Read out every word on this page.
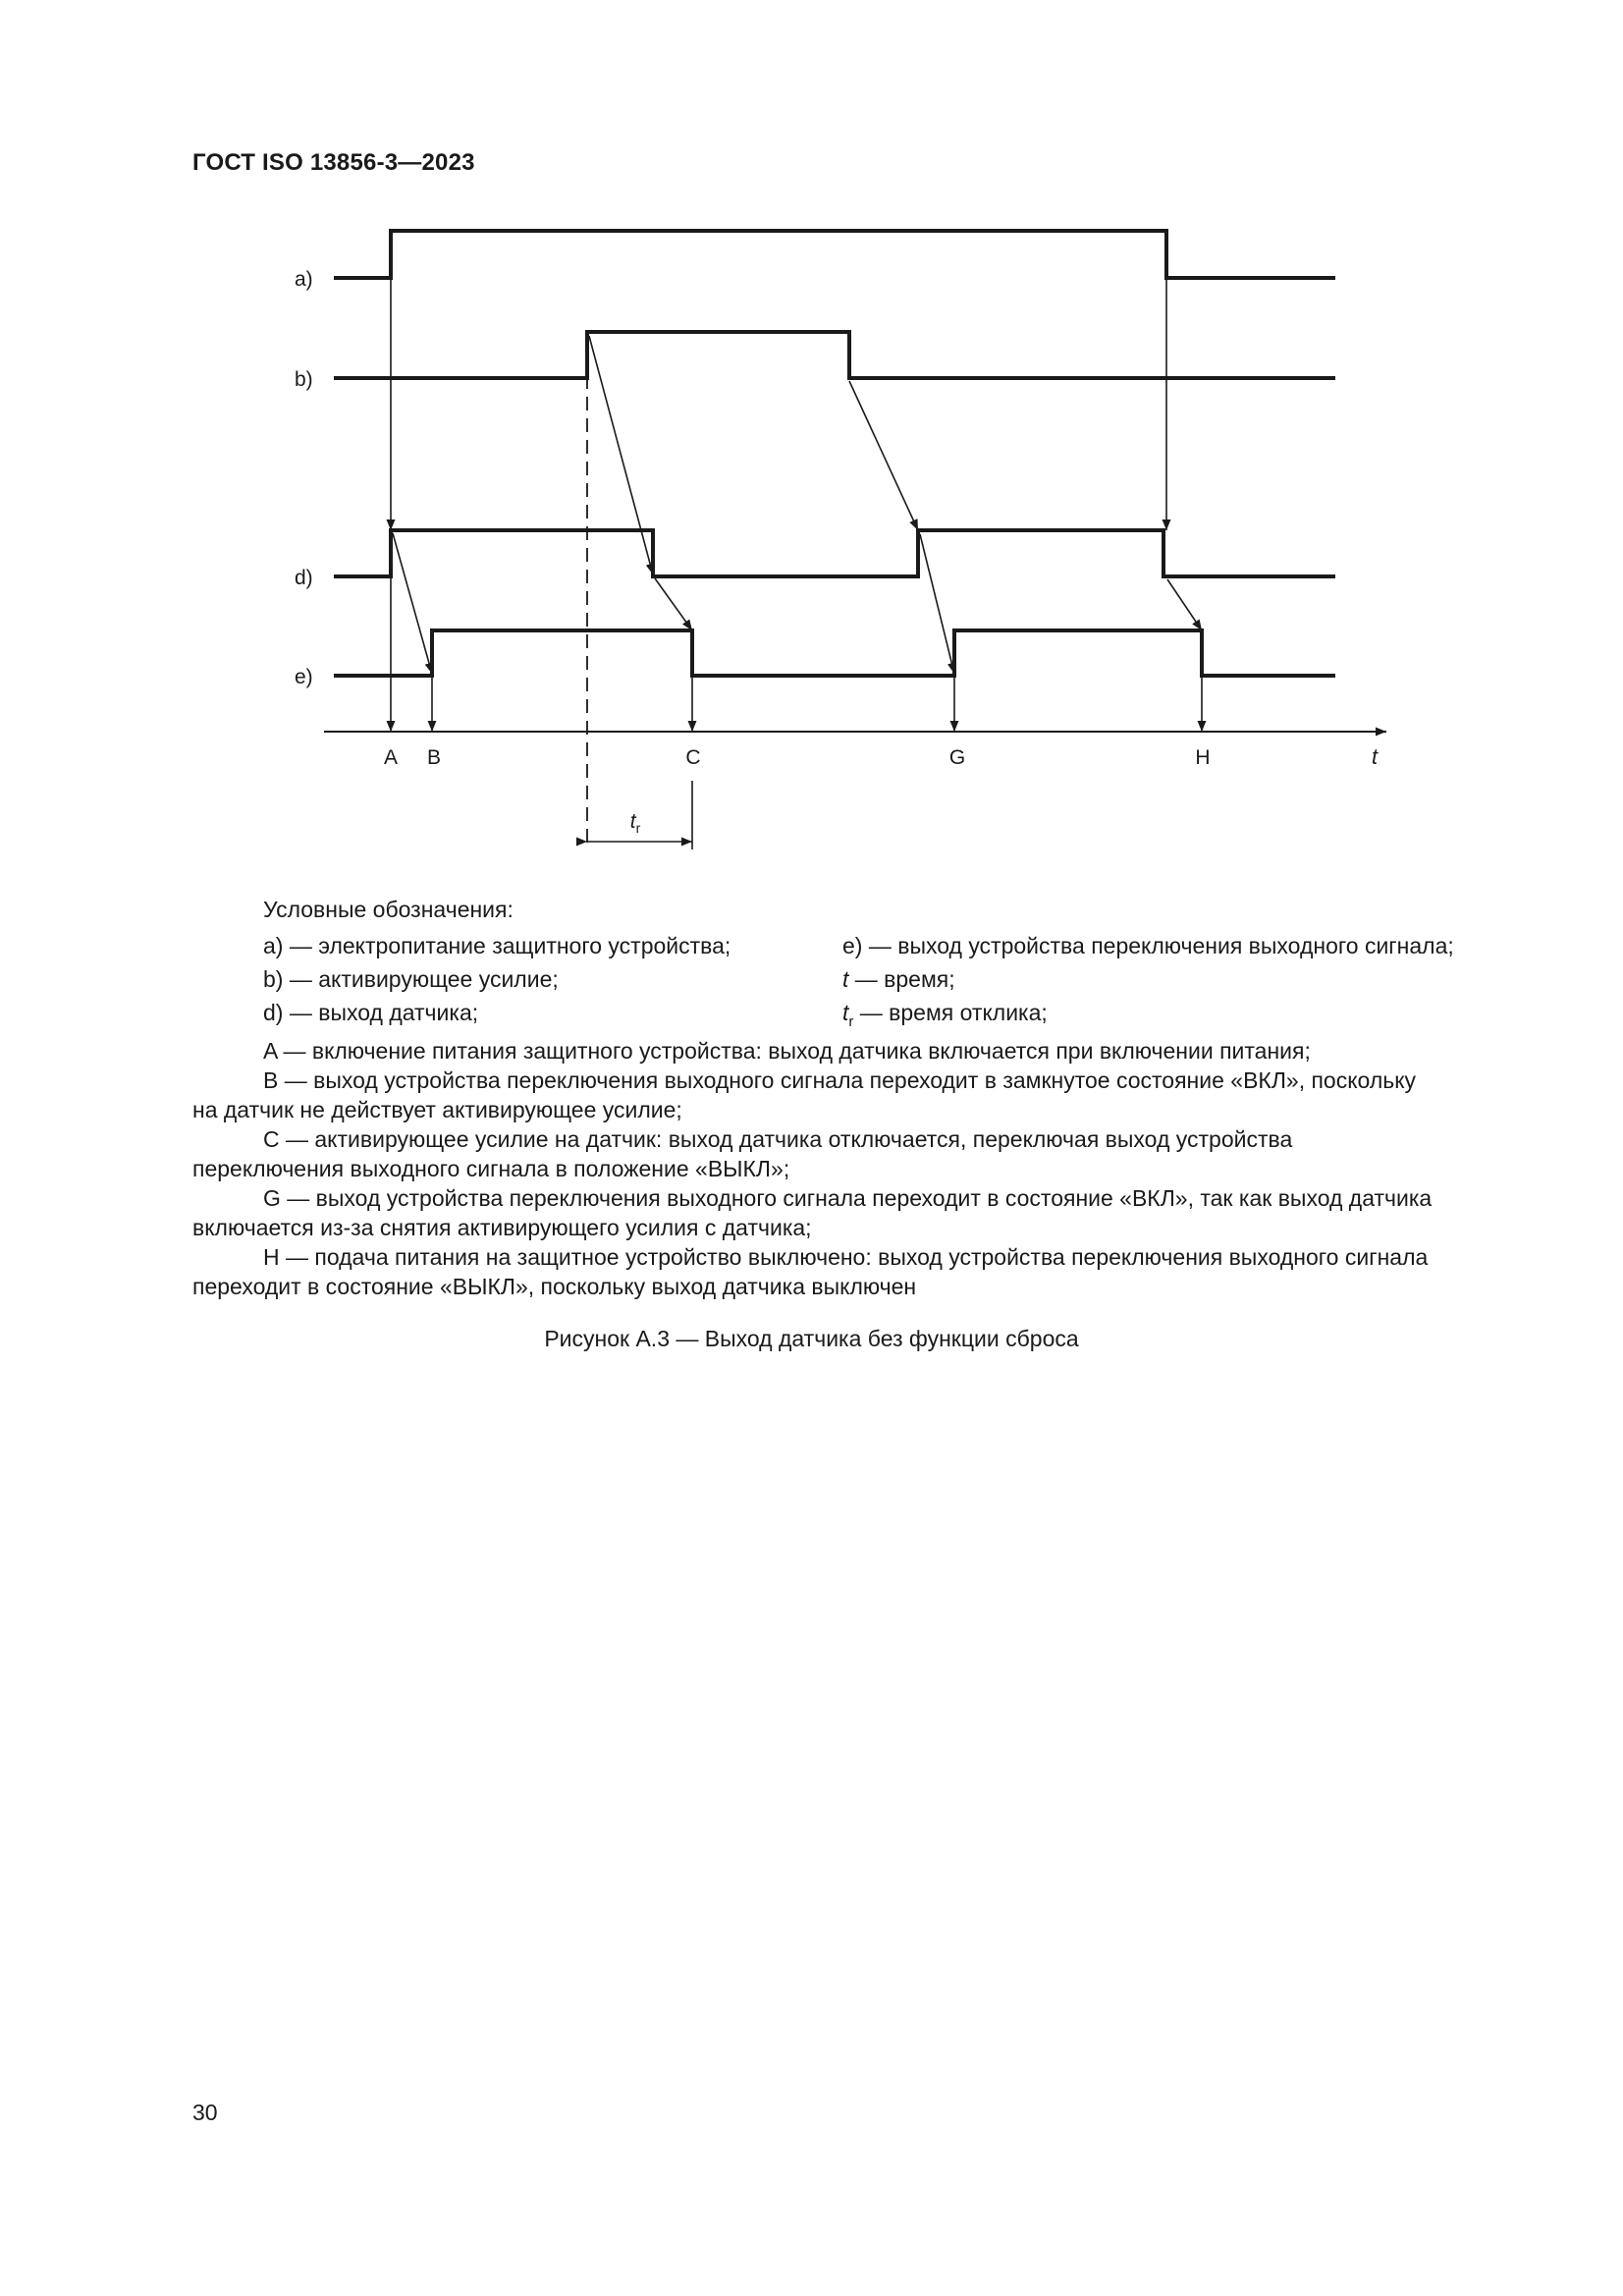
ГОСТ ISO 13856-3—2023
a)
b)
d)
e)
A B	C	G	H	t
$t_r$
Условные обозначения:
a) — электропитание защитного устройства;
b) — активирующее усилие;
d) — выход датчика;
e) — выход устройства переключения выходного сигнала;
t — время;
$t_r$ — время отклика;

A — включение питания защитного устройства: выход датчика включается при включении питания;

B — выход устройства переключения выходного сигнала переходит в замкнутое состояние «ВКЛ», поскольку на датчик не действует активирующее усилие;

C — активирующее усилие на датчик: выход датчика отключается, переключая выход устройства переключения выходного сигнала в положение «ВЫКЛ»;

G — выход устройства переключения выходного сигнала переходит в состояние «ВКЛ», так как выход датчика включается из-за снятия активирующего усилия с датчика;

H — подача питания на защитное устройство выключено: выход устройства переключения выходного сигнала переходит в состояние «ВЫКЛ», поскольку выход датчика выключен

Рисунок А.3 — Выход датчика без функции сброса
30
